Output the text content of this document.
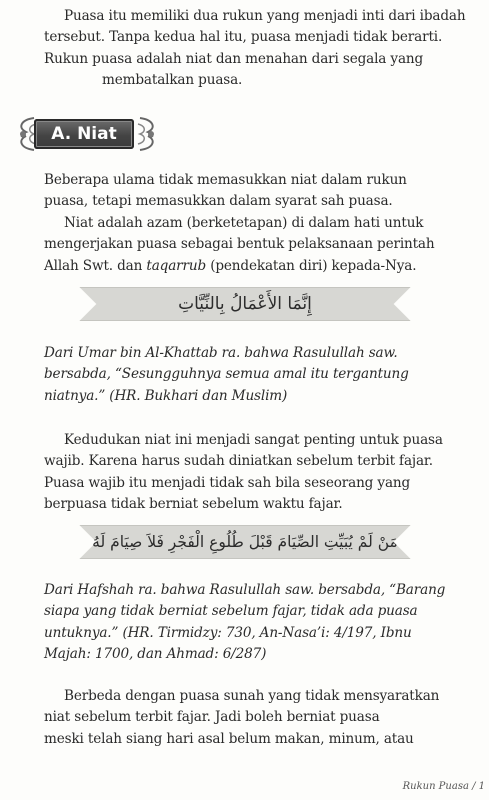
Puasa itu memiliki dua rukun yang menjadi inti dari ibadah
tersebut. Tanpa kedua hal itu, puasa menjadi tidak berarti.
Rukun puasa adalah niat dan menahan dari segala yang
membatalkan puasa.

A. Niat

Beberapa ulama tidak memasukkan niat dalam rukun
puasa, tetapi memasukkan dalam syarat sah puasa.

Niat adalah azam (berketetapan) di dalam hati untuk
mengerjakan puasa sebagai bentuk pelaksanaan perintah
Allah Swt. dan taqarrub (pendekatan diri) kepada-Nya.

إِنَّمَا الأَعْمَالُ بِالنِّيَّاتِ

Dari Umar bin Al-Khattab ra. bahwa Rasulullah saw.
bersabda, “Sesungguhnya semua amal itu tergantung
niatnya.” (HR. Bukhari dan Muslim)

Kedudukan niat ini menjadi sangat penting untuk puasa
wajib. Karena harus sudah diniatkan sebelum terbit fajar.
Puasa wajib itu menjadi tidak sah bila seseorang yang
berpuasa tidak berniat sebelum waktu fajar.

مَنْ لَمْ يُبَيِّتِ الصِّيَامَ قَبْلَ طُلُوعِ الْفَجْرِ فَلاَ صِيَامَ لَهُ

Dari Hafshah ra. bahwa Rasulullah saw. bersabda, “Barang
siapa yang tidak berniat sebelum fajar, tidak ada puasa
untuknya.” (HR. Tirmidzy: 730, An-Nasa’i: 4/197, Ibnu
Majah: 1700, dan Ahmad: 6/287)

Berbeda dengan puasa sunah yang tidak mensyaratkan
niat sebelum terbit fajar. Jadi boleh berniat puasa
meski telah siang hari asal belum makan, minum, atau

Rukun Puasa / 1
